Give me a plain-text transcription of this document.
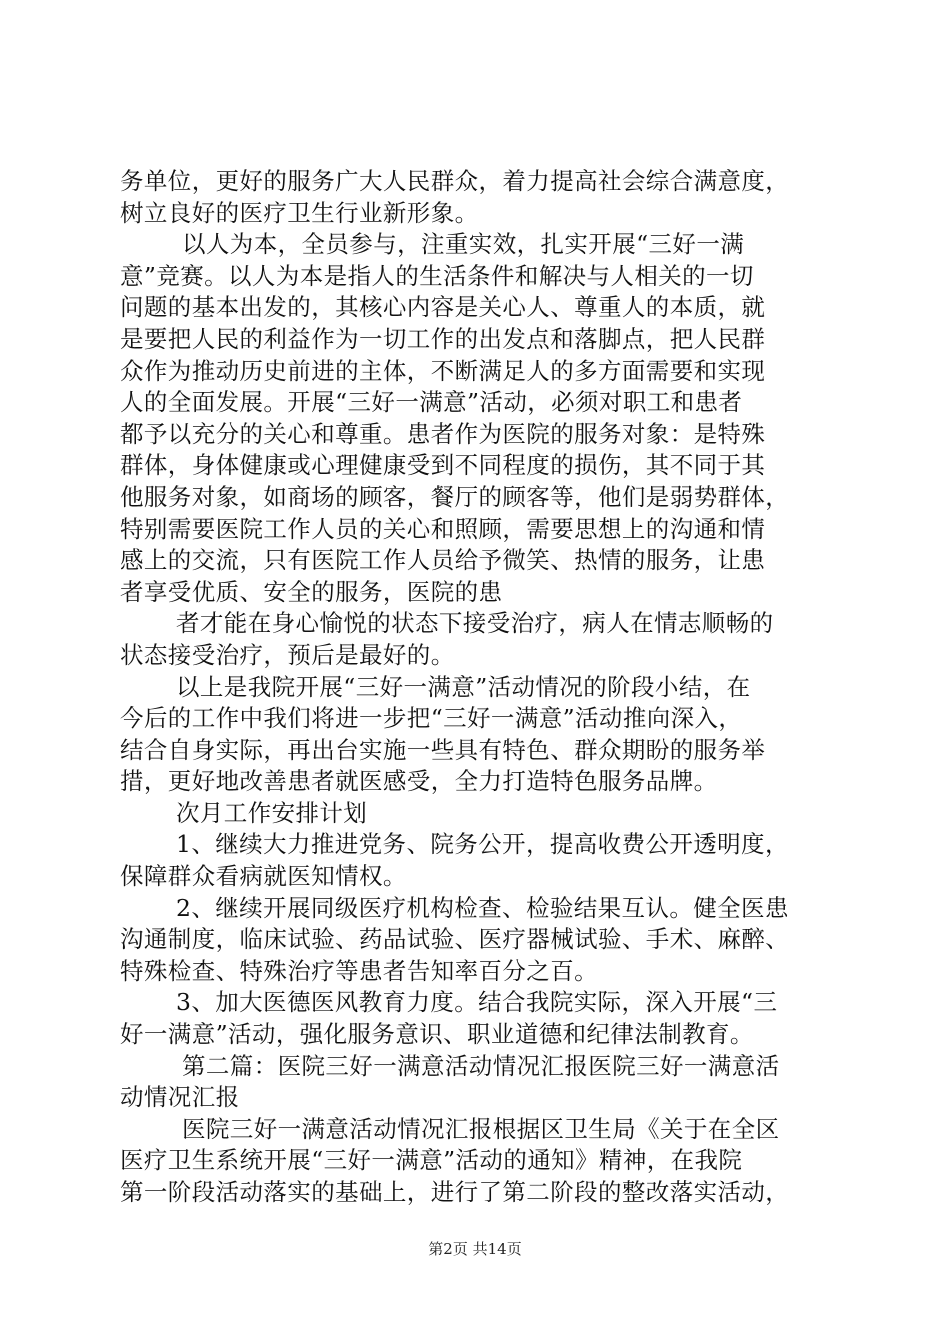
务单位，更好的服务广大人民群众，着力提高社会综合满意度，
树立良好的医疗卫生行业新形象。
以人为本，全员参与，注重实效，扎实开展“三好一满
意”竞赛。以人为本是指人的生活条件和解决与人相关的一切
问题的基本出发的，其核心内容是关心人、尊重人的本质，就
是要把人民的利益作为一切工作的出发点和落脚点，把人民群
众作为推动历史前进的主体，不断满足人的多方面需要和实现
人的全面发展。开展“三好一满意”活动，必须对职工和患者
都予以充分的关心和尊重。患者作为医院的服务对象：是特殊
群体，身体健康或心理健康受到不同程度的损伤，其不同于其
他服务对象，如商场的顾客，餐厅的顾客等，他们是弱势群体，
特别需要医院工作人员的关心和照顾，需要思想上的沟通和情
感上的交流，只有医院工作人员给予微笑、热情的服务，让患
者享受优质、安全的服务，医院的患
者才能在身心愉悦的状态下接受治疗，病人在情志顺畅的
状态接受治疗，预后是最好的。
以上是我院开展“三好一满意”活动情况的阶段小结，在
今后的工作中我们将进一步把“三好一满意”活动推向深入，
结合自身实际，再出台实施一些具有特色、群众期盼的服务举
措，更好地改善患者就医感受，全力打造特色服务品牌。
次月工作安排计划
1、继续大力推进党务、院务公开，提高收费公开透明度，
保障群众看病就医知情权。
2、继续开展同级医疗机构检查、检验结果互认。健全医患
沟通制度，临床试验、药品试验、医疗器械试验、手术、麻醉、
特殊检查、特殊治疗等患者告知率百分之百。
3、加大医德医风教育力度。结合我院实际，深入开展“三
好一满意”活动，强化服务意识、职业道德和纪律法制教育。
第二篇：医院三好一满意活动情况汇报医院三好一满意活
动情况汇报
医院三好一满意活动情况汇报根据区卫生局《关于在全区
医疗卫生系统开展“三好一满意”活动的通知》精神，在我院
第一阶段活动落实的基础上，进行了第二阶段的整改落实活动，
第2页 共14页
